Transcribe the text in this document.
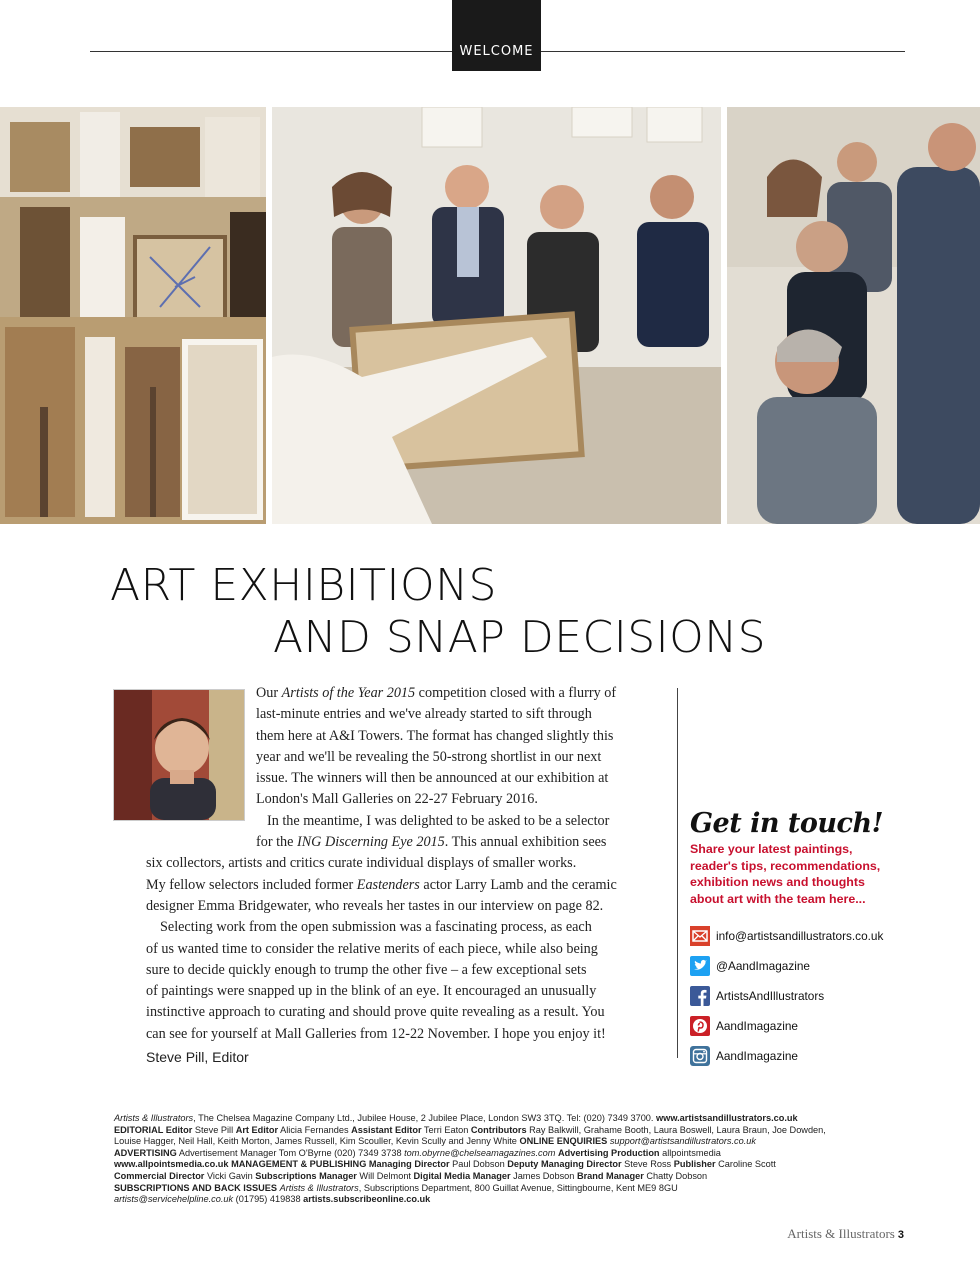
WELCOME
ART EXHIBITIONS
AND SNAP DECISIONS
Our Artists of the Year 2015 competition closed with a flurry of
last-minute entries and we've already started to sift through
them here at A&I Towers. The format has changed slightly this
year and we'll be revealing the 50-strong shortlist in our next
issue. The winners will then be announced at our exhibition at
London's Mall Galleries on 22-27 February 2016.
In the meantime, I was delighted to be asked to be a selector
for the ING Discerning Eye 2015. This annual exhibition sees
six collectors, artists and critics curate individual displays of smaller works.
My fellow selectors included former Eastenders actor Larry Lamb and the ceramic
designer Emma Bridgewater, who reveals her tastes in our interview on page 82.
Selecting work from the open submission was a fascinating process, as each
of us wanted time to consider the relative merits of each piece, while also being
sure to decide quickly enough to trump the other five – a few exceptional sets
of paintings were snapped up in the blink of an eye. It encouraged an unusually
instinctive approach to curating and should prove quite revealing as a result. You
can see for yourself at Mall Galleries from 12-22 November. I hope you enjoy it!
Steve Pill, Editor

Get in touch!

Share your latest paintings,
reader's tips, recommendations,
exhibition news and thoughts
about art with the team here...

info@artistsandillustrators.co.uk
@AandImagazine
ArtistsAndIllustrators
AandImagazine
AandImagazine
Artists & Illustrators, The Chelsea Magazine Company Ltd., Jubilee House, 2 Jubilee Place, London SW3 3TQ. Tel: (020) 7349 3700. www.artistsandillustrators.co.uk
EDITORIAL Editor Steve Pill Art Editor Alicia Fernandes Assistant Editor Terri Eaton Contributors Ray Balkwill, Grahame Booth, Laura Boswell, Laura Braun, Joe Dowden,
Louise Hagger, Neil Hall, Keith Morton, James Russell, Kim Scouller, Kevin Scully and Jenny White ONLINE ENQUIRIES support@artistsandillustrators.co.uk
ADVERTISING Advertisement Manager Tom O'Byrne (020) 7349 3738 tom.obyrne@chelseamagazines.com Advertising Production allpointsmedia
www.allpointsmedia.co.uk MANAGEMENT & PUBLISHING Managing Director Paul Dobson Deputy Managing Director Steve Ross Publisher Caroline Scott
Commercial Director Vicki Gavin Subscriptions Manager Will Delmont Digital Media Manager James Dobson Brand Manager Chatty Dobson
SUBSCRIPTIONS AND BACK ISSUES Artists & Illustrators, Subscriptions Department, 800 Guillat Avenue, Sittingbourne, Kent ME9 8GU
artists@servicehelpline.co.uk (01795) 419838 artists.subscribeonline.co.uk
Artists & Illustrators 3
